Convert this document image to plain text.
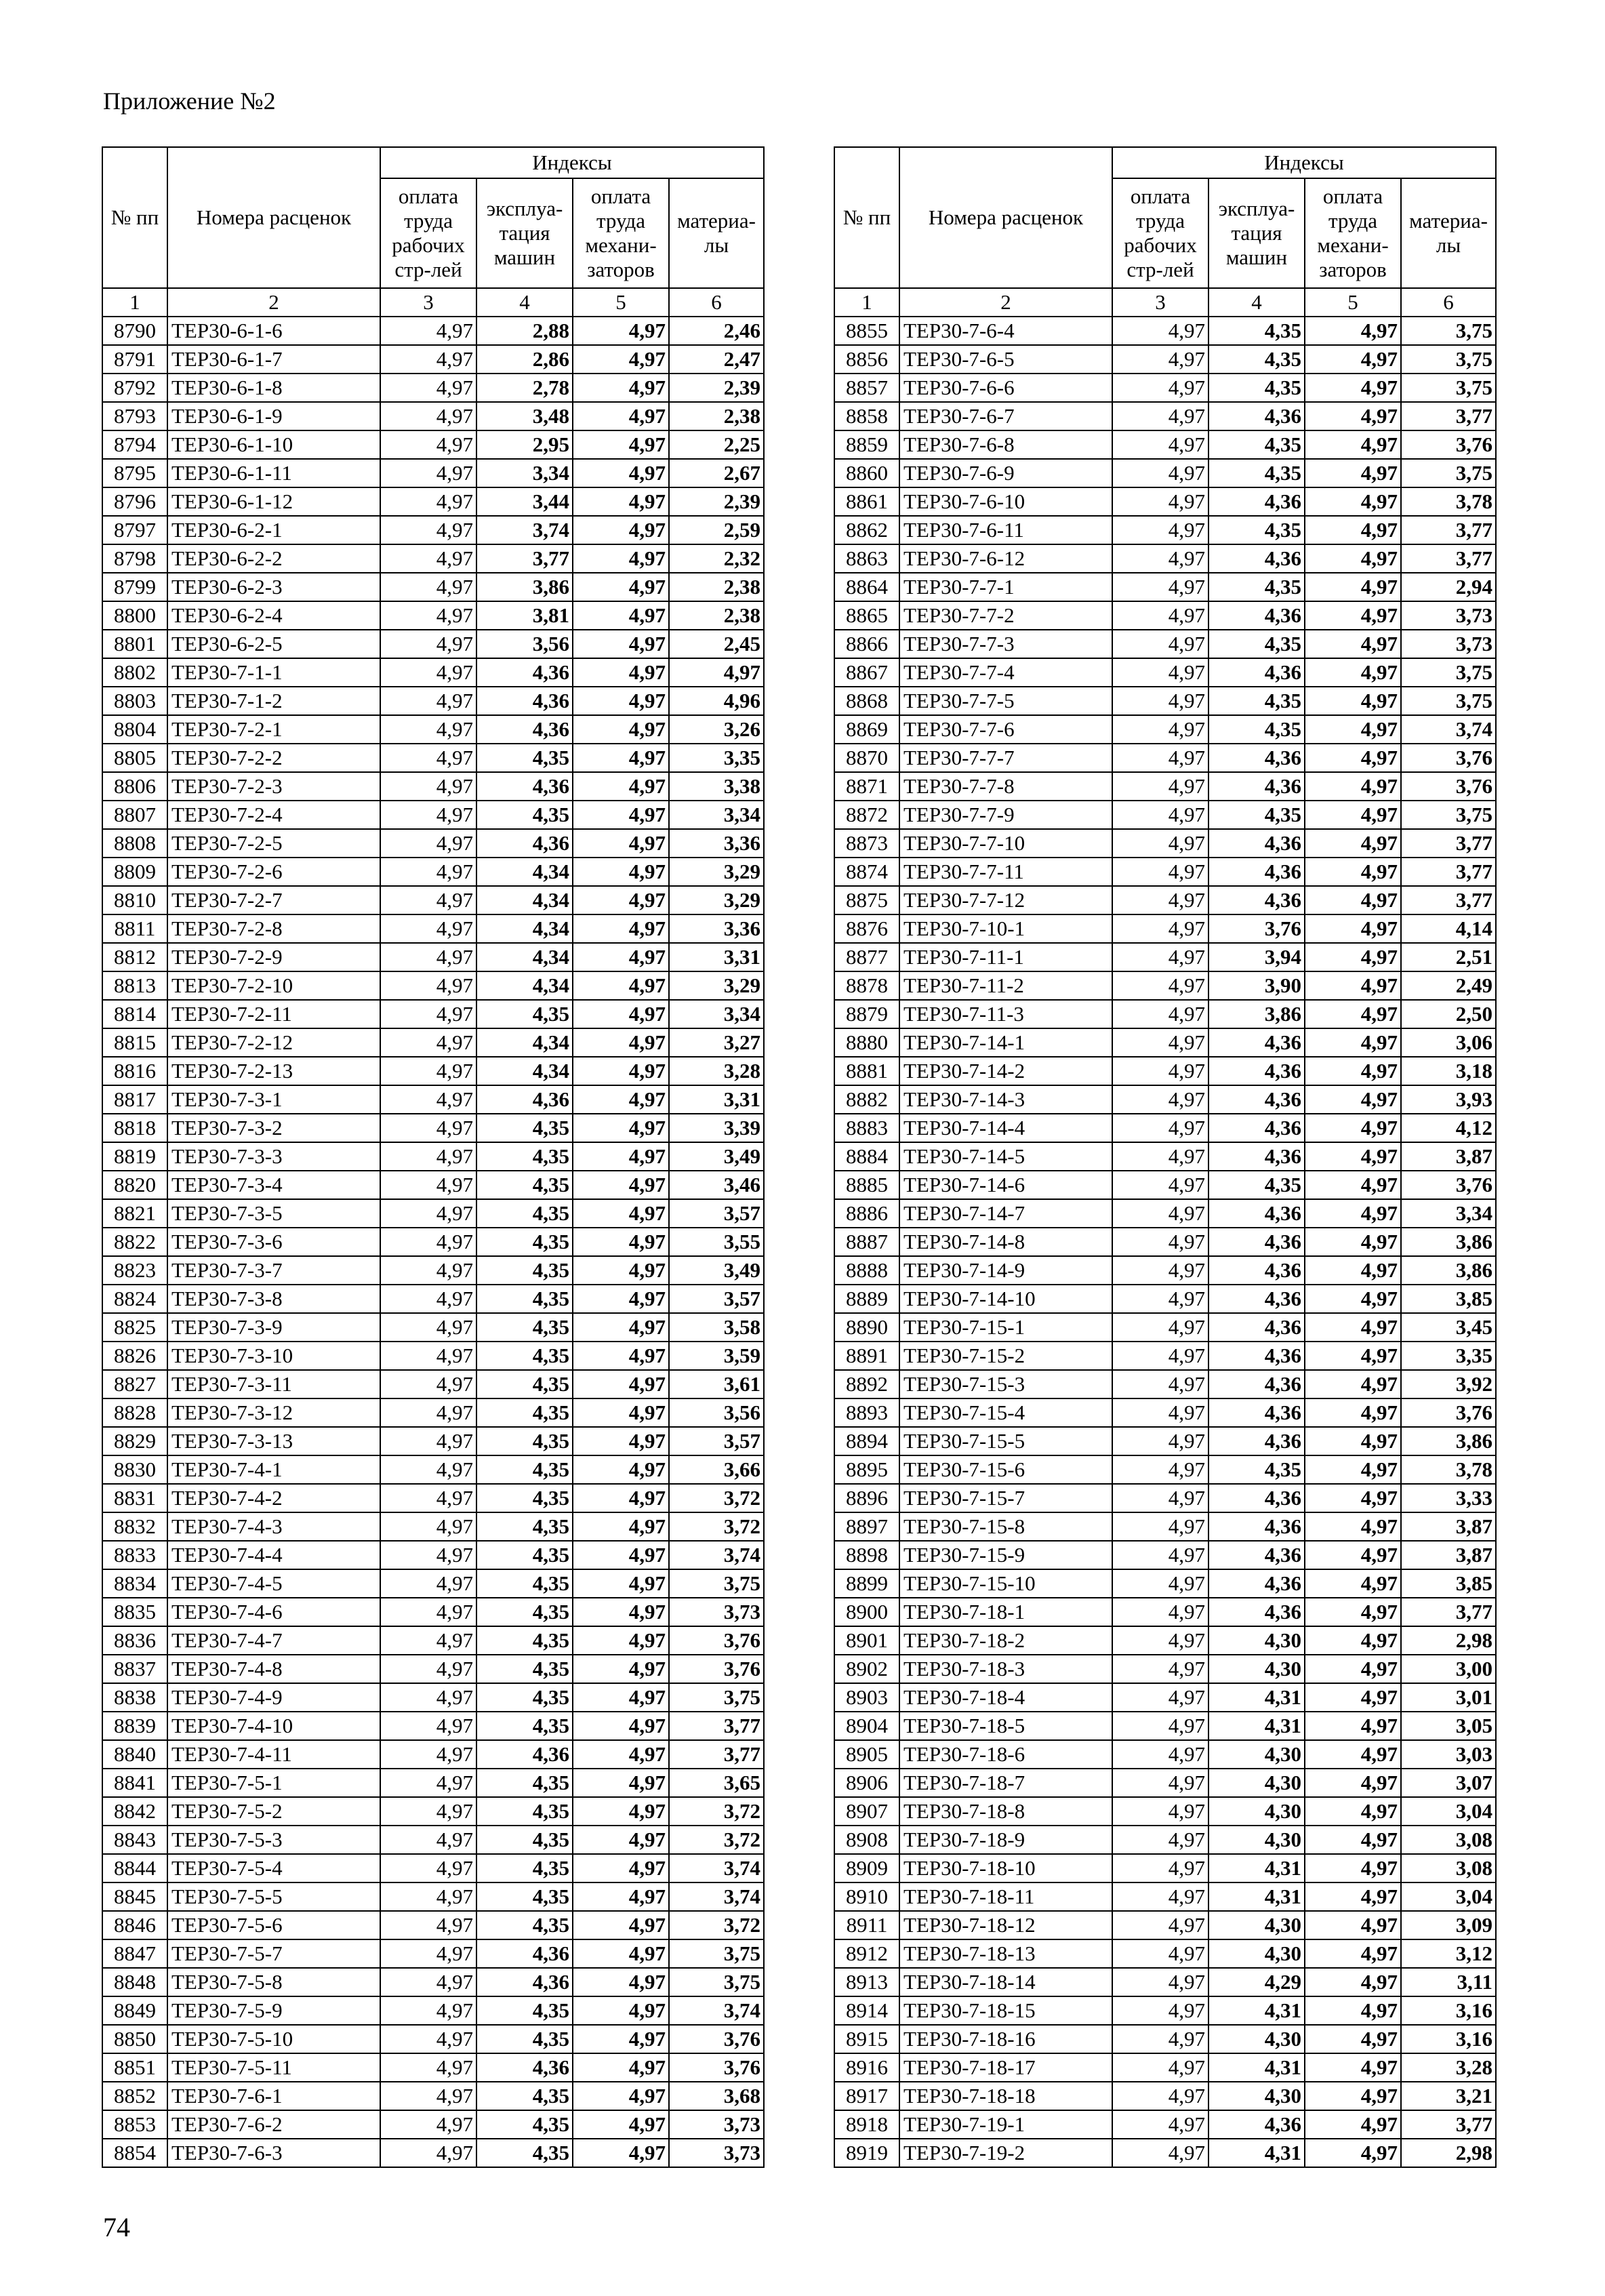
Приложение №2
№ пп	Номера расценок	Индексы			
		оплата труда рабочих стр-лей	эксплуа-тация машин	оплата труда механи-заторов	материа-лы
1	2	3	4	5	6
8790	ТЕР30-6-1-6	4,97	2,88	4,97	2,46
8791	ТЕР30-6-1-7	4,97	2,86	4,97	2,47
8792	ТЕР30-6-1-8	4,97	2,78	4,97	2,39
8793	ТЕР30-6-1-9	4,97	3,48	4,97	2,38
8794	ТЕР30-6-1-10	4,97	2,95	4,97	2,25
8795	ТЕР30-6-1-11	4,97	3,34	4,97	2,67
8796	ТЕР30-6-1-12	4,97	3,44	4,97	2,39
8797	ТЕР30-6-2-1	4,97	3,74	4,97	2,59
8798	ТЕР30-6-2-2	4,97	3,77	4,97	2,32
8799	ТЕР30-6-2-3	4,97	3,86	4,97	2,38
8800	ТЕР30-6-2-4	4,97	3,81	4,97	2,38
8801	ТЕР30-6-2-5	4,97	3,56	4,97	2,45
8802	ТЕР30-7-1-1	4,97	4,36	4,97	4,97
8803	ТЕР30-7-1-2	4,97	4,36	4,97	4,96
8804	ТЕР30-7-2-1	4,97	4,36	4,97	3,26
8805	ТЕР30-7-2-2	4,97	4,35	4,97	3,35
8806	ТЕР30-7-2-3	4,97	4,36	4,97	3,38
8807	ТЕР30-7-2-4	4,97	4,35	4,97	3,34
8808	ТЕР30-7-2-5	4,97	4,36	4,97	3,36
8809	ТЕР30-7-2-6	4,97	4,34	4,97	3,29
8810	ТЕР30-7-2-7	4,97	4,34	4,97	3,29
8811	ТЕР30-7-2-8	4,97	4,34	4,97	3,36
8812	ТЕР30-7-2-9	4,97	4,34	4,97	3,31
8813	ТЕР30-7-2-10	4,97	4,34	4,97	3,29
8814	ТЕР30-7-2-11	4,97	4,35	4,97	3,34
8815	ТЕР30-7-2-12	4,97	4,34	4,97	3,27
8816	ТЕР30-7-2-13	4,97	4,34	4,97	3,28
8817	ТЕР30-7-3-1	4,97	4,36	4,97	3,31
8818	ТЕР30-7-3-2	4,97	4,35	4,97	3,39
8819	ТЕР30-7-3-3	4,97	4,35	4,97	3,49
8820	ТЕР30-7-3-4	4,97	4,35	4,97	3,46
8821	ТЕР30-7-3-5	4,97	4,35	4,97	3,57
8822	ТЕР30-7-3-6	4,97	4,35	4,97	3,55
8823	ТЕР30-7-3-7	4,97	4,35	4,97	3,49
8824	ТЕР30-7-3-8	4,97	4,35	4,97	3,57
8825	ТЕР30-7-3-9	4,97	4,35	4,97	3,58
8826	ТЕР30-7-3-10	4,97	4,35	4,97	3,59
8827	ТЕР30-7-3-11	4,97	4,35	4,97	3,61
8828	ТЕР30-7-3-12	4,97	4,35	4,97	3,56
8829	ТЕР30-7-3-13	4,97	4,35	4,97	3,57
8830	ТЕР30-7-4-1	4,97	4,35	4,97	3,66
8831	ТЕР30-7-4-2	4,97	4,35	4,97	3,72
8832	ТЕР30-7-4-3	4,97	4,35	4,97	3,72
8833	ТЕР30-7-4-4	4,97	4,35	4,97	3,74
8834	ТЕР30-7-4-5	4,97	4,35	4,97	3,75
8835	ТЕР30-7-4-6	4,97	4,35	4,97	3,73
8836	ТЕР30-7-4-7	4,97	4,35	4,97	3,76
8837	ТЕР30-7-4-8	4,97	4,35	4,97	3,76
8838	ТЕР30-7-4-9	4,97	4,35	4,97	3,75
8839	ТЕР30-7-4-10	4,97	4,35	4,97	3,77
8840	ТЕР30-7-4-11	4,97	4,36	4,97	3,77
8841	ТЕР30-7-5-1	4,97	4,35	4,97	3,65
8842	ТЕР30-7-5-2	4,97	4,35	4,97	3,72
8843	ТЕР30-7-5-3	4,97	4,35	4,97	3,72
8844	ТЕР30-7-5-4	4,97	4,35	4,97	3,74
8845	ТЕР30-7-5-5	4,97	4,35	4,97	3,74
8846	ТЕР30-7-5-6	4,97	4,35	4,97	3,72
8847	ТЕР30-7-5-7	4,97	4,36	4,97	3,75
8848	ТЕР30-7-5-8	4,97	4,36	4,97	3,75
8849	ТЕР30-7-5-9	4,97	4,35	4,97	3,74
8850	ТЕР30-7-5-10	4,97	4,35	4,97	3,76
8851	ТЕР30-7-5-11	4,97	4,36	4,97	3,76
8852	ТЕР30-7-6-1	4,97	4,35	4,97	3,68
8853	ТЕР30-7-6-2	4,97	4,35	4,97	3,73
8854	ТЕР30-7-6-3	4,97	4,35	4,97	3,73
№ пп	Номера расценок	Индексы			
		оплата труда рабочих стр-лей	эксплуа-тация машин	оплата труда механи-заторов	материа-лы
1	2	3	4	5	6
8855	ТЕР30-7-6-4	4,97	4,35	4,97	3,75
8856	ТЕР30-7-6-5	4,97	4,35	4,97	3,75
8857	ТЕР30-7-6-6	4,97	4,35	4,97	3,75
8858	ТЕР30-7-6-7	4,97	4,36	4,97	3,77
8859	ТЕР30-7-6-8	4,97	4,35	4,97	3,76
8860	ТЕР30-7-6-9	4,97	4,35	4,97	3,75
8861	ТЕР30-7-6-10	4,97	4,36	4,97	3,78
8862	ТЕР30-7-6-11	4,97	4,35	4,97	3,77
8863	ТЕР30-7-6-12	4,97	4,36	4,97	3,77
8864	ТЕР30-7-7-1	4,97	4,35	4,97	2,94
8865	ТЕР30-7-7-2	4,97	4,36	4,97	3,73
8866	ТЕР30-7-7-3	4,97	4,35	4,97	3,73
8867	ТЕР30-7-7-4	4,97	4,36	4,97	3,75
8868	ТЕР30-7-7-5	4,97	4,35	4,97	3,75
8869	ТЕР30-7-7-6	4,97	4,35	4,97	3,74
8870	ТЕР30-7-7-7	4,97	4,36	4,97	3,76
8871	ТЕР30-7-7-8	4,97	4,36	4,97	3,76
8872	ТЕР30-7-7-9	4,97	4,35	4,97	3,75
8873	ТЕР30-7-7-10	4,97	4,36	4,97	3,77
8874	ТЕР30-7-7-11	4,97	4,36	4,97	3,77
8875	ТЕР30-7-7-12	4,97	4,36	4,97	3,77
8876	ТЕР30-7-10-1	4,97	3,76	4,97	4,14
8877	ТЕР30-7-11-1	4,97	3,94	4,97	2,51
8878	ТЕР30-7-11-2	4,97	3,90	4,97	2,49
8879	ТЕР30-7-11-3	4,97	3,86	4,97	2,50
8880	ТЕР30-7-14-1	4,97	4,36	4,97	3,06
8881	ТЕР30-7-14-2	4,97	4,36	4,97	3,18
8882	ТЕР30-7-14-3	4,97	4,36	4,97	3,93
8883	ТЕР30-7-14-4	4,97	4,36	4,97	4,12
8884	ТЕР30-7-14-5	4,97	4,36	4,97	3,87
8885	ТЕР30-7-14-6	4,97	4,35	4,97	3,76
8886	ТЕР30-7-14-7	4,97	4,36	4,97	3,34
8887	ТЕР30-7-14-8	4,97	4,36	4,97	3,86
8888	ТЕР30-7-14-9	4,97	4,36	4,97	3,86
8889	ТЕР30-7-14-10	4,97	4,36	4,97	3,85
8890	ТЕР30-7-15-1	4,97	4,36	4,97	3,45
8891	ТЕР30-7-15-2	4,97	4,36	4,97	3,35
8892	ТЕР30-7-15-3	4,97	4,36	4,97	3,92
8893	ТЕР30-7-15-4	4,97	4,36	4,97	3,76
8894	ТЕР30-7-15-5	4,97	4,36	4,97	3,86
8895	ТЕР30-7-15-6	4,97	4,35	4,97	3,78
8896	ТЕР30-7-15-7	4,97	4,36	4,97	3,33
8897	ТЕР30-7-15-8	4,97	4,36	4,97	3,87
8898	ТЕР30-7-15-9	4,97	4,36	4,97	3,87
8899	ТЕР30-7-15-10	4,97	4,36	4,97	3,85
8900	ТЕР30-7-18-1	4,97	4,36	4,97	3,77
8901	ТЕР30-7-18-2	4,97	4,30	4,97	2,98
8902	ТЕР30-7-18-3	4,97	4,30	4,97	3,00
8903	ТЕР30-7-18-4	4,97	4,31	4,97	3,01
8904	ТЕР30-7-18-5	4,97	4,31	4,97	3,05
8905	ТЕР30-7-18-6	4,97	4,30	4,97	3,03
8906	ТЕР30-7-18-7	4,97	4,30	4,97	3,07
8907	ТЕР30-7-18-8	4,97	4,30	4,97	3,04
8908	ТЕР30-7-18-9	4,97	4,30	4,97	3,08
8909	ТЕР30-7-18-10	4,97	4,31	4,97	3,08
8910	ТЕР30-7-18-11	4,97	4,31	4,97	3,04
8911	ТЕР30-7-18-12	4,97	4,30	4,97	3,09
8912	ТЕР30-7-18-13	4,97	4,30	4,97	3,12
8913	ТЕР30-7-18-14	4,97	4,29	4,97	3,11
8914	ТЕР30-7-18-15	4,97	4,31	4,97	3,16
8915	ТЕР30-7-18-16	4,97	4,30	4,97	3,16
8916	ТЕР30-7-18-17	4,97	4,31	4,97	3,28
8917	ТЕР30-7-18-18	4,97	4,30	4,97	3,21
8918	ТЕР30-7-19-1	4,97	4,36	4,97	3,77
8919	ТЕР30-7-19-2	4,97	4,31	4,97	2,98
74
